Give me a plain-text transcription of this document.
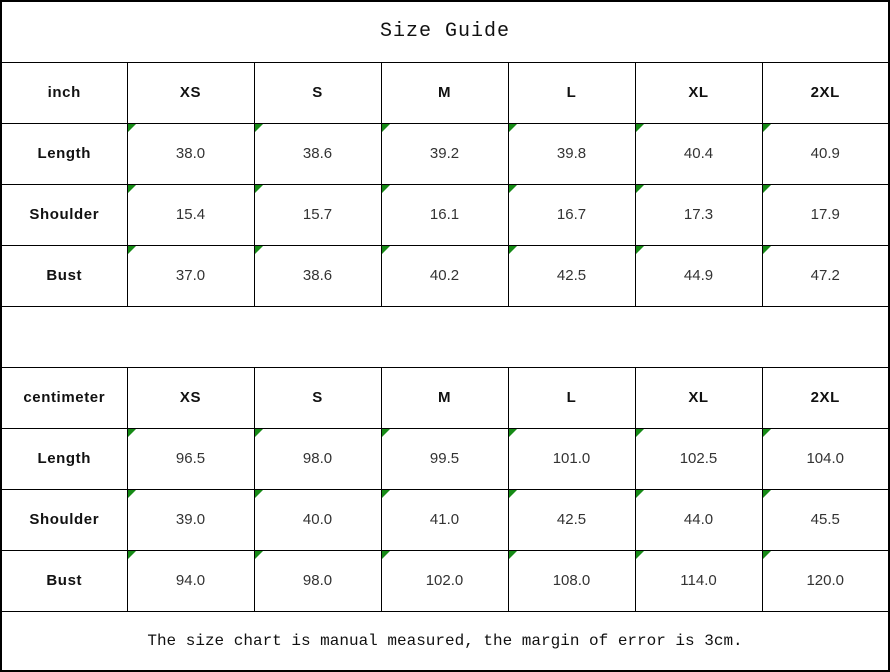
Size Guide						
inch	XS	S	M	L	XL	2XL
Length	38.0	38.6	39.2	39.8	40.4	40.9
Shoulder	15.4	15.7	16.1	16.7	17.3	17.9
Bust	37.0	38.6	40.2	42.5	44.9	47.2

centimeter	XS	S	M	L	XL	2XL
Length	96.5	98.0	99.5	101.0	102.5	104.0
Shoulder	39.0	40.0	41.0	42.5	44.0	45.5
Bust	94.0	98.0	102.0	108.0	114.0	120.0
The size chart is manual measured, the margin of error is 3cm.						
